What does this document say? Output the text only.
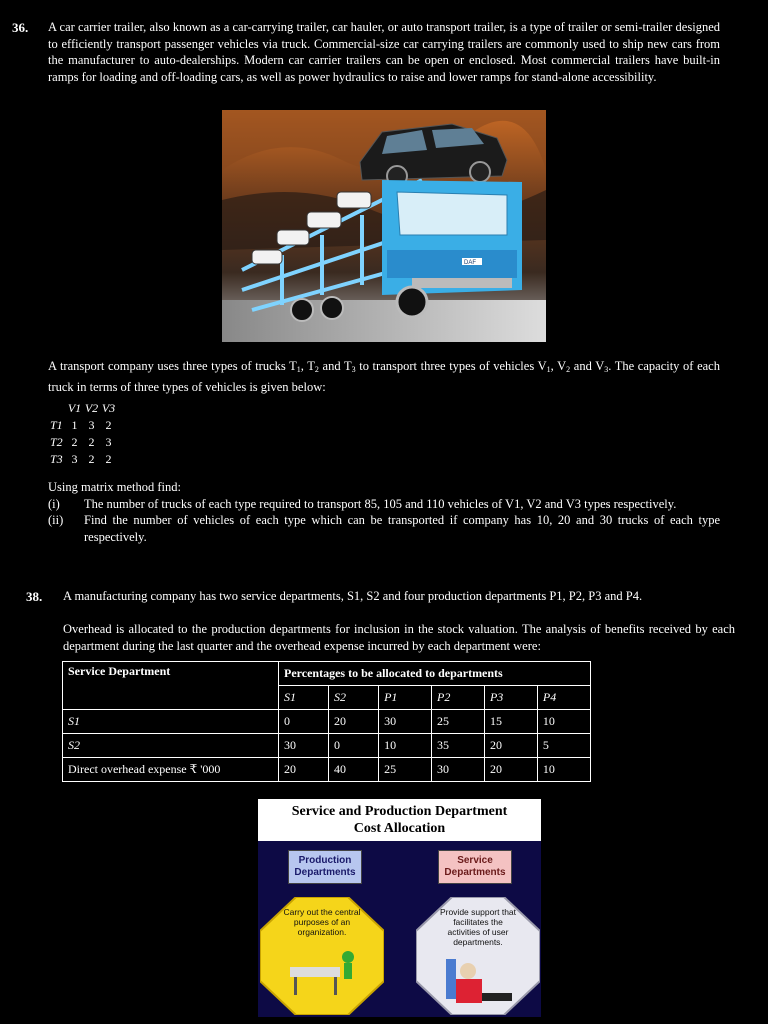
36. A car carrier trailer, also known as a car-carrying trailer, car hauler, or auto transport trailer, is a type of trailer or semi-trailer designed to efficiently transport passenger vehicles via truck. Commercial-size car carrying trailers are commonly used to ship new cars from the manufacturer to auto-dealerships. Modern car carrier trailers can be open or enclosed. Most commercial trailers have built-in ramps for loading and off-loading cars, as well as power hydraulics to raise and lower ramps for stand-alone accessibility.
DAF
A transport company uses three types of trucks $T_1$, $T_2$ and $T_3$ to transport three types of vehicles $V_1$, $V_2$ and $V_3$. The capacity of each truck in terms of three types of vehicles is given below:
V1 V2 V3
T1 1 3 2
T2 2 2 3
T3 3 2 2
Using matrix method find:
(i)	The number of trucks of each type required to transport 85, 105 and 110 vehicles of V1, V2 and V3 types respectively.
(ii)	Find the number of vehicles of each type which can be transported if company has 10, 20 and 30 trucks of each type respectively.
38. A manufacturing company has two service departments, S1, S2 and four production departments P1, P2, P3 and P4.
Overhead is allocated to the production departments for inclusion in the stock valuation. The analysis of benefits received by each department during the last quarter and the overhead expense incurred by each department were:
Service Department	Percentages to be allocated to departments					
	S1	S2	P1	P2	P3	P4
S1	0	20	30	25	15	10
S2	30	0	10	35	20	5
Direct overhead expense ₹ '000	20	40	25	30	20	10
Service and Production Department
Cost Allocation
Production Departments
Service Departments
Carry out the central purposes of an organization.
Provide support that facilitates the activities of user departments.
